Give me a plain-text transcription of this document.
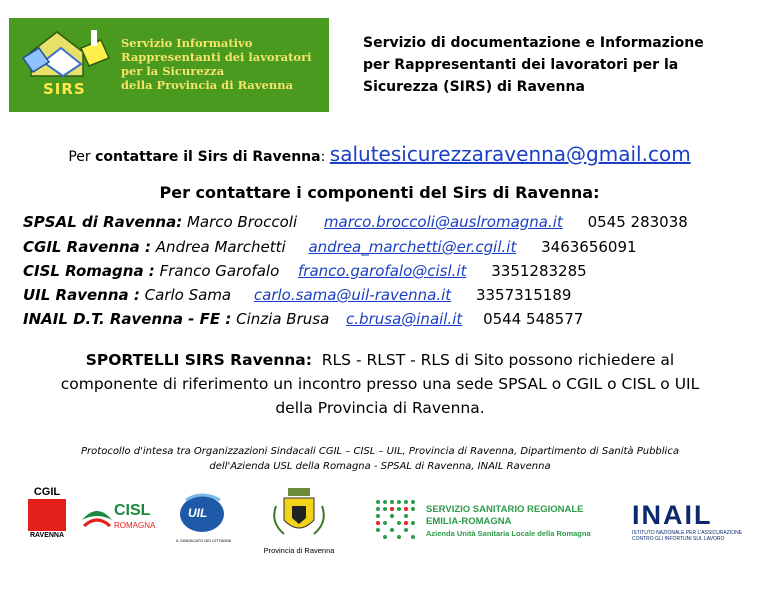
SIRS
Servizio Informativo
Rappresentanti dei lavoratori
per la Sicurezza
della Provincia di Ravenna
Servizio di documentazione e Informazione
per Rappresentanti dei lavoratori per la
Sicurezza (SIRS) di Ravenna
Per contattare il Sirs di Ravenna: salutesicurezzaravenna@gmail.com
Per contattare i componenti del Sirs di Ravenna:
SPSAL di Ravenna: Marco Broccoli marco.broccoli@auslromagna.it 0545 283038
CGIL Ravenna : Andrea Marchetti andrea_marchetti@er.cgil.it 3463656091
CISL Romagna : Franco Garofalo franco.garofalo@cisl.it 3351283285
UIL Ravenna : Carlo Sama carlo.sama@uil-ravenna.it 3357315189
INAIL D.T. Ravenna - FE : Cinzia Brusa c.brusa@inail.it 0544 548577
SPORTELLI SIRS Ravenna: RLS - RLST - RLS di Sito possono richiedere al
componente di riferimento un incontro presso una sede SPSAL o CGIL o CISL o UIL
della Provincia di Ravenna.
Protocollo d'intesa tra Organizzazioni Sindacali CGIL – CISL – UIL, Provincia di Ravenna, Dipartimento di Sanità Pubblica
dell'Azienda USL della Romagna - SPSAL di Ravenna, INAIL Ravenna
CGIL
RAVENNA
CISL
ROMAGNA
UIL
IL SINDACATO DEI CITTADINI
Provincia di Ravenna
SERVIZIO SANITARIO REGIONALE
EMILIA-ROMAGNA
Azienda Unità Sanitaria Locale della Romagna
INAIL
ISTITUTO NAZIONALE PER L'ASSICURAZIONE
CONTRO GLI INFORTUNI SUL LAVORO
